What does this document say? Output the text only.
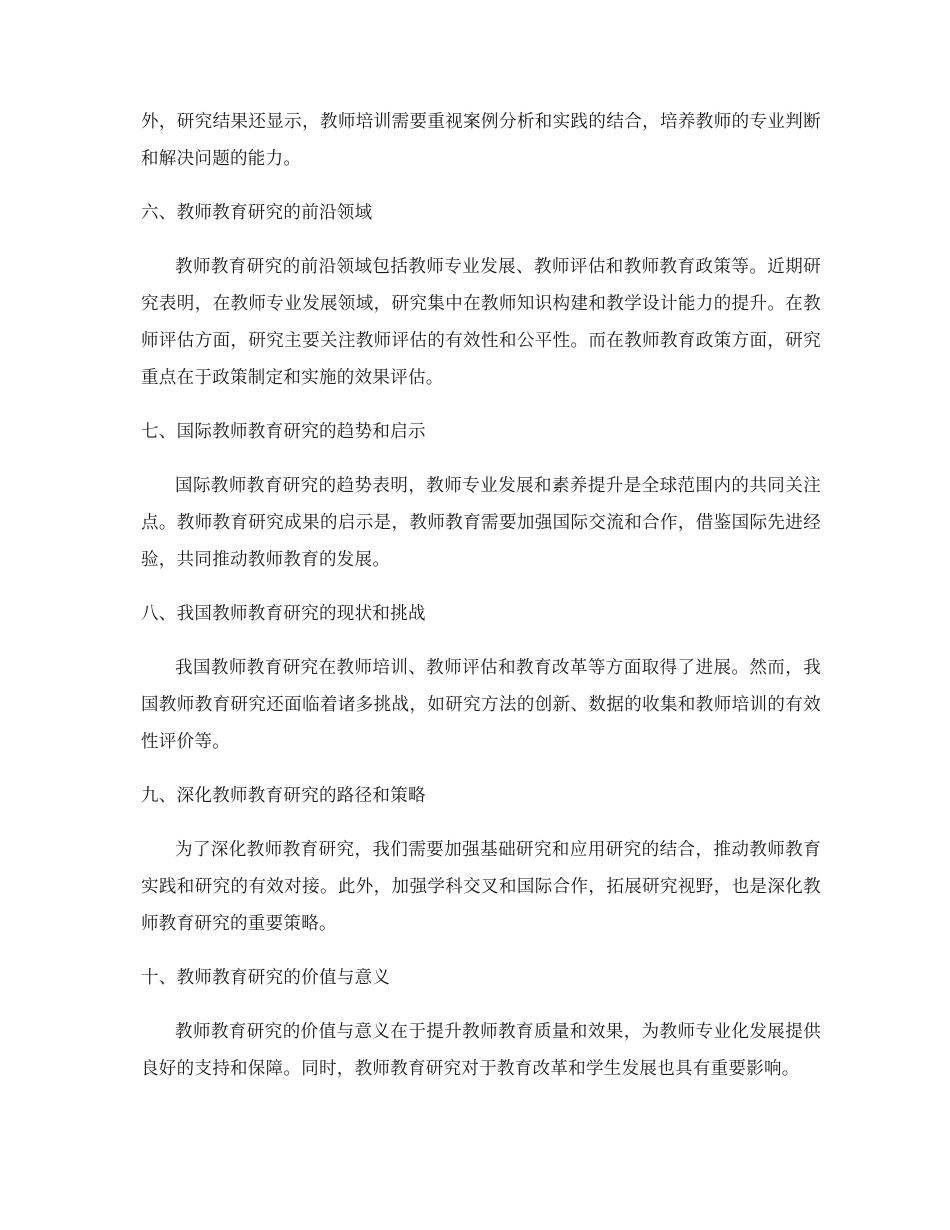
外，研究结果还显示，教师培训需要重视案例分析和实践的结合，培养教师的专业判断和解决问题的能力。

六、教师教育研究的前沿领域

教师教育研究的前沿领域包括教师专业发展、教师评估和教师教育政策等。近期研究表明，在教师专业发展领域，研究集中在教师知识构建和教学设计能力的提升。在教师评估方面，研究主要关注教师评估的有效性和公平性。而在教师教育政策方面，研究重点在于政策制定和实施的效果评估。

七、国际教师教育研究的趋势和启示

国际教师教育研究的趋势表明，教师专业发展和素养提升是全球范围内的共同关注点。教师教育研究成果的启示是，教师教育需要加强国际交流和合作，借鉴国际先进经验，共同推动教师教育的发展。

八、我国教师教育研究的现状和挑战

我国教师教育研究在教师培训、教师评估和教育改革等方面取得了进展。然而，我国教师教育研究还面临着诸多挑战，如研究方法的创新、数据的收集和教师培训的有效性评价等。

九、深化教师教育研究的路径和策略

为了深化教师教育研究，我们需要加强基础研究和应用研究的结合，推动教师教育实践和研究的有效对接。此外，加强学科交叉和国际合作，拓展研究视野，也是深化教师教育研究的重要策略。

十、教师教育研究的价值与意义

教师教育研究的价值与意义在于提升教师教育质量和效果，为教师专业化发展提供良好的支持和保障。同时，教师教育研究对于教育改革和学生发展也具有重要影响。
